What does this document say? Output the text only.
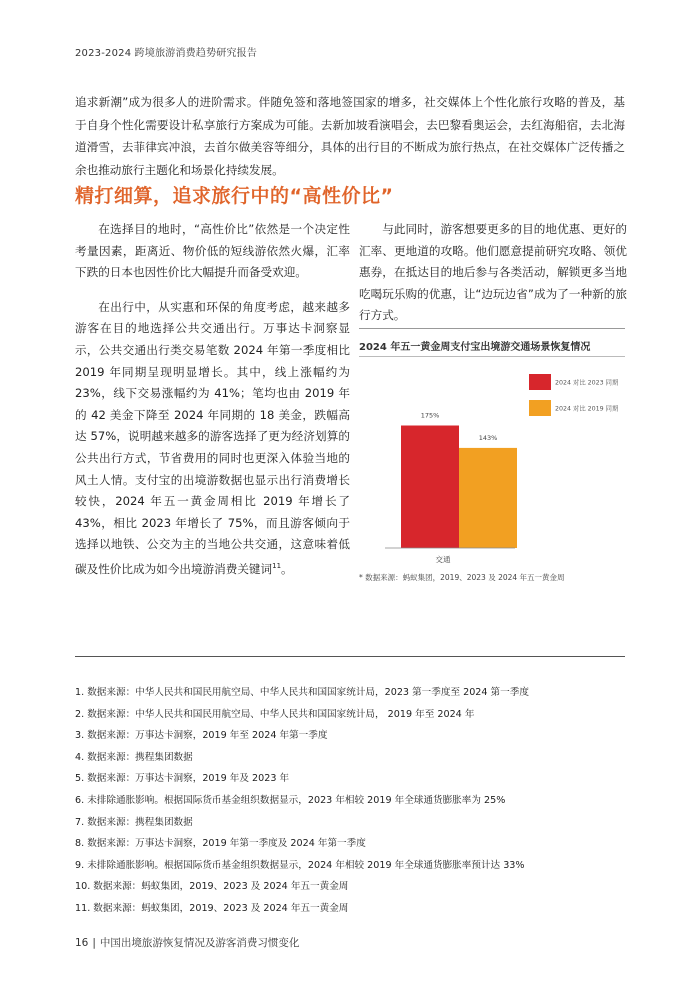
2023-2024 跨境旅游消费趋势研究报告
追求新潮”成为很多人的进阶需求。伴随免签和落地签国家的增多，社交媒体上个性化旅行攻略的普及，基于自身个性化需要设计私享旅行方案成为可能。去新加坡看演唱会，去巴黎看奥运会，去红海船宿，去北海道滑雪，去菲律宾冲浪，去首尔做美容等细分，具体的出行目的不断成为旅行热点，在社交媒体广泛传播之余也推动旅行主题化和场景化持续发展。
精打细算，追求旅行中的“高性价比”

在选择目的地时，“高性价比”依然是一个决定性考量因素，距离近、物价低的短线游依然火爆，汇率下跌的日本也因性价比大幅提升而备受欢迎。

在出行中，从实惠和环保的角度考虑，越来越多游客在目的地选择公共交通出行。万事达卡洞察显示，公共交通出行类交易笔数 2024 年第一季度相比 2019 年同期呈现明显增长。其中，线上涨幅约为 23%，线下交易涨幅约为 41%；笔均也由 2019 年的 42 美金下降至 2024 年同期的 18 美金，跌幅高达 57%，说明越来越多的游客选择了更为经济划算的公共出行方式，节省费用的同时也更深入体验当地的风土人情。支付宝的出境游数据也显示出行消费增长较快，2024 年五一黄金周相比 2019 年增长了 43%，相比 2023 年增长了 75%，而且游客倾向于选择以地铁、公交为主的当地公共交通，这意味着低碳及性价比成为如今出境游消费关键词$^{11}$。

与此同时，游客想要更多的目的地优惠、更好的汇率、更地道的攻略。他们愿意提前研究攻略、领优惠券，在抵达目的地后参与各类活动，解锁更多当地吃喝玩乐购的优惠，让“边玩边省”成为了一种新的旅行方式。

2024 年五一黄金周支付宝出境游交通场景恢复情况
175%
143%
交通
2024 对比 2023 同期
2024 对比 2019 同期
* 数据来源：蚂蚁集团，2019、2023 及 2024 年五一黄金周
1. 数据来源：中华人民共和国民用航空局、中华人民共和国国家统计局，2023 第一季度至 2024 第一季度
2. 数据来源：中华人民共和国民用航空局、中华人民共和国国家统计局， 2019 年至 2024 年
3. 数据来源：万事达卡洞察，2019 年至 2024 年第一季度
4. 数据来源：携程集团数据
5. 数据来源：万事达卡洞察，2019 年及 2023 年
6. 未排除通胀影响。根据国际货币基金组织数据显示，2023 年相较 2019 年全球通货膨胀率为 25%
7. 数据来源：携程集团数据
8. 数据来源：万事达卡洞察，2019 年第一季度及 2024 年第一季度
9. 未排除通胀影响。根据国际货币基金组织数据显示，2024 年相较 2019 年全球通货膨胀率预计达 33%
10. 数据来源：蚂蚁集团，2019、2023 及 2024 年五一黄金周
11. 数据来源：蚂蚁集团，2019、2023 及 2024 年五一黄金周
16 | 中国出境旅游恢复情况及游客消费习惯变化
